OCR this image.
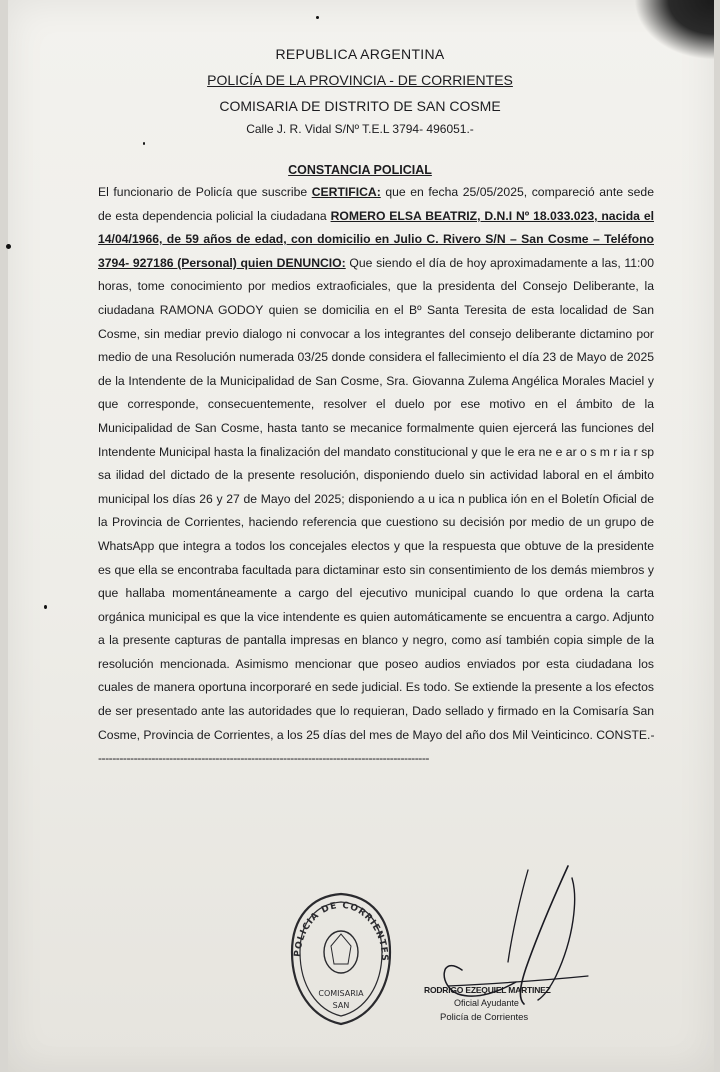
REPUBLICA ARGENTINA
POLICÍA DE LA PROVINCIA - DE CORRIENTES
COMISARIA DE DISTRITO DE SAN COSME
Calle J. R. Vidal S/Nº T.E.L 3794- 496051.-
CONSTANCIA POLICIAL
El funcionario de Policía que suscribe CERTIFICA: que en fecha 25/05/2025, compareció ante sede de esta dependencia policial la ciudadana ROMERO ELSA BEATRIZ, D.N.I Nº 18.033.023, nacida el 14/04/1966, de 59 años de edad, con domicilio en Julio C. Rivero S/N – San Cosme – Teléfono 3794- 927186 (Personal) quien DENUNCIO: Que siendo el día de hoy aproximadamente a las, 11:00 horas, tome conocimiento por medios extraoficiales, que la presidenta del Consejo Deliberante, la ciudadana RAMONA GODOY quien se domicilia en el Bº Santa Teresita de esta localidad de San Cosme, sin mediar previo dialogo ni convocar a los integrantes del consejo deliberante dictamino por medio de una Resolución numerada 03/25 donde considera el fallecimiento el día 23 de Mayo de 2025 de la Intendente de la Municipalidad de San Cosme, Sra. Giovanna Zulema Angélica Morales Maciel y que corresponde, consecuentemente, resolver el duelo por ese motivo en el ámbito de la Municipalidad de San Cosme, hasta tanto se mecanice formalmente quien ejercerá las funciones del Intendente Municipal hasta la finalización del mandato constitucional y que le era ne e ar o s m r ia r sp sa ilidad del dictado de la presente resolución, disponiendo duelo sin actividad laboral en el ámbito municipal los días 26 y 27 de Mayo del 2025; disponiendo a u ica n publica ión en el Boletín Oficial de la Provincia de Corrientes, haciendo referencia que cuestiono su decisión por medio de un grupo de WhatsApp que integra a todos los concejales electos y que la respuesta que obtuve de la presidente es que ella se encontraba facultada para dictaminar esto sin consentimiento de los demás miembros y que hallaba momentáneamente a cargo del ejecutivo municipal cuando lo que ordena la carta orgánica municipal es que la vice intendente es quien automáticamente se encuentra a cargo. Adjunto a la presente capturas de pantalla impresas en blanco y negro, como así también copia simple de la resolución mencionada. Asimismo mencionar que poseo audios enviados por esta ciudadana los cuales de manera oportuna incorporaré en sede judicial. Es todo. Se extiende la presente a los efectos de ser presentado ante las autoridades que lo requieran, Dado sellado y firmado en la Comisaría San Cosme, Provincia de Corrientes, a los 25 días del mes de Mayo del año dos Mil Veinticinco. CONSTE.----------------------------------------------------------------------------------------------
POLICIA DE CORRIENTES
COMISARIA
SAN
RODRIGO EZEQUIEL MARTINEZ
Oficial Ayudante
Policía de Corrientes
